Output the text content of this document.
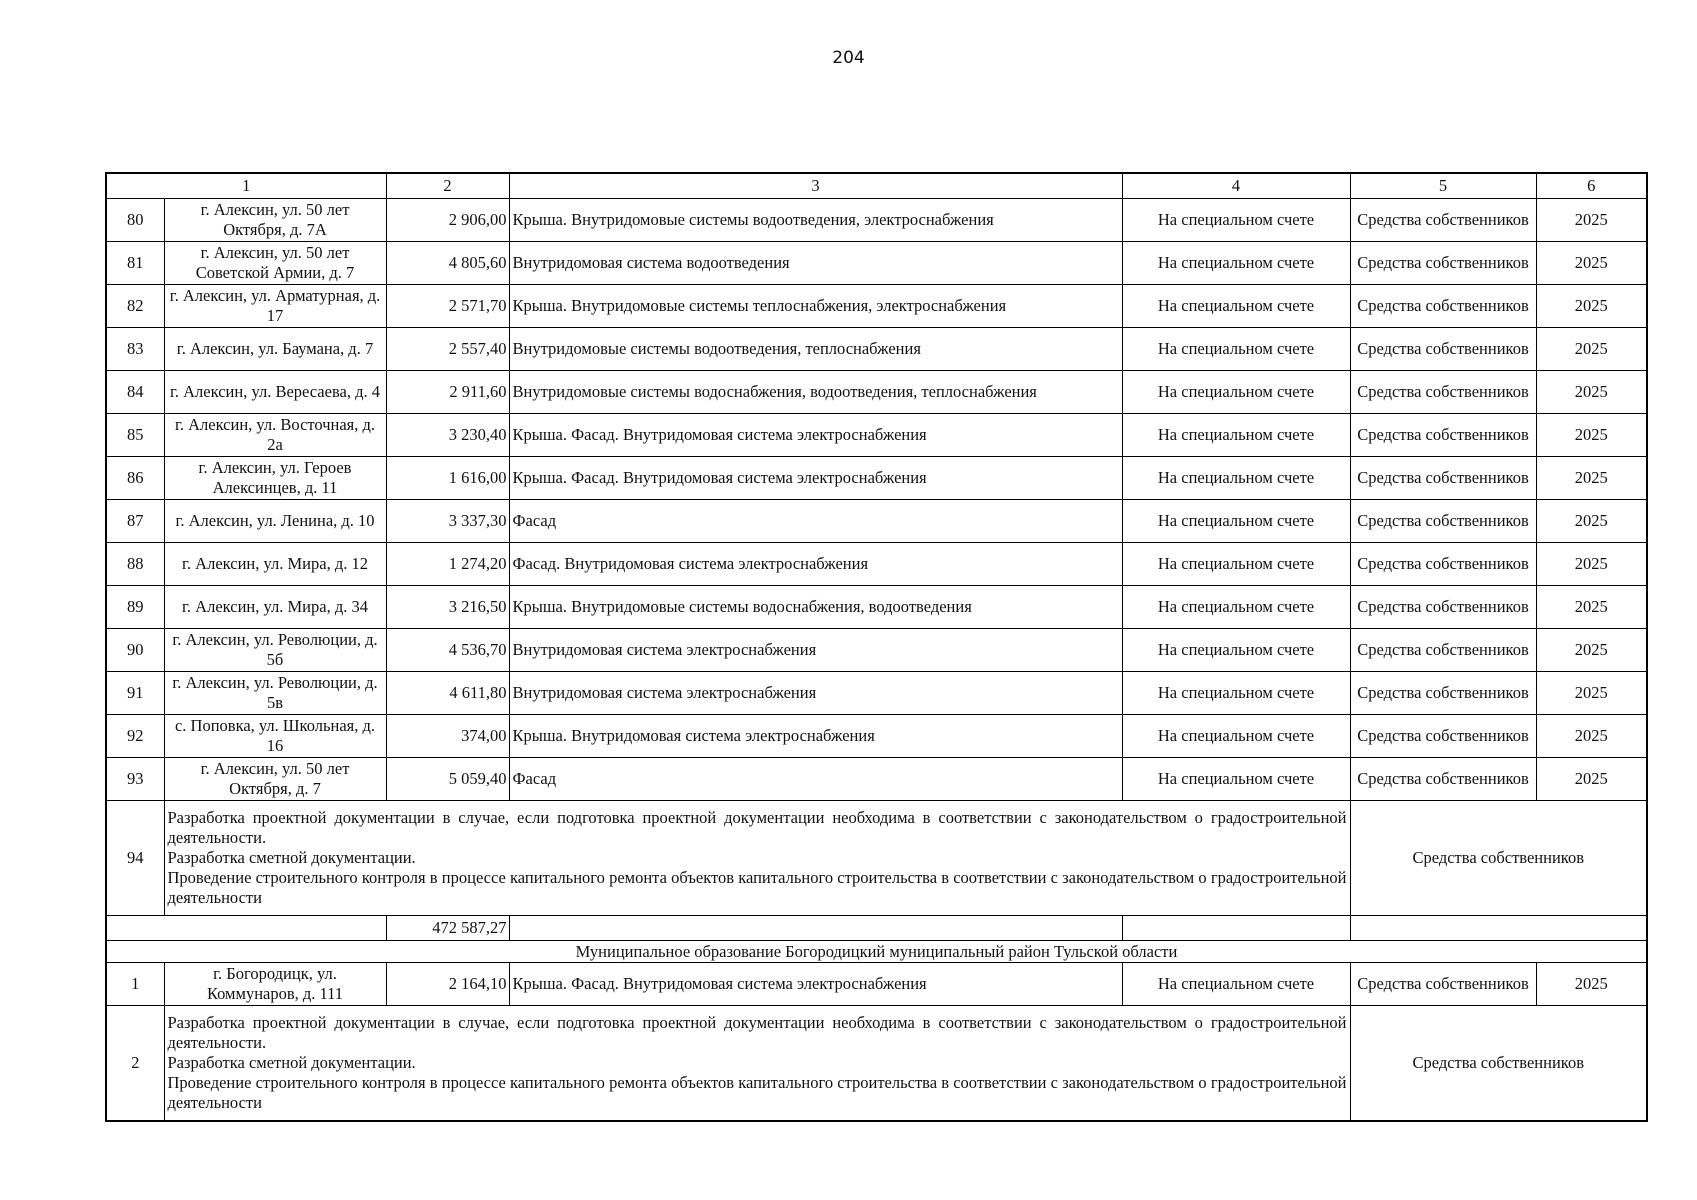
204
1		2	3	4	5	6
80	г. Алексин, ул. 50 лет Октября, д. 7А	2 906,00	Крыша. Внутридомовые системы водоотведения, электроснабжения	На специальном счете	Средства собственников	2025
81	г. Алексин, ул. 50 лет Советской Армии, д. 7	4 805,60	Внутридомовая система водоотведения	На специальном счете	Средства собственников	2025
82	г. Алексин, ул. Арматурная, д. 17	2 571,70	Крыша. Внутридомовые системы теплоснабжения, электроснабжения	На специальном счете	Средства собственников	2025
83	г. Алексин, ул. Баумана, д. 7	2 557,40	Внутридомовые системы водоотведения, теплоснабжения	На специальном счете	Средства собственников	2025
84	г. Алексин, ул. Вересаева, д. 4	2 911,60	Внутридомовые системы водоснабжения, водоотведения, теплоснабжения	На специальном счете	Средства собственников	2025
85	г. Алексин, ул. Восточная, д. 2а	3 230,40	Крыша. Фасад. Внутридомовая система электроснабжения	На специальном счете	Средства собственников	2025
86	г. Алексин, ул. Героев Алексинцев, д. 11	1 616,00	Крыша. Фасад. Внутридомовая система электроснабжения	На специальном счете	Средства собственников	2025
87	г. Алексин, ул. Ленина, д. 10	3 337,30	Фасад	На специальном счете	Средства собственников	2025
88	г. Алексин, ул. Мира, д. 12	1 274,20	Фасад. Внутридомовая система электроснабжения	На специальном счете	Средства собственников	2025
89	г. Алексин, ул. Мира, д. 34	3 216,50	Крыша. Внутридомовые системы водоснабжения, водоотведения	На специальном счете	Средства собственников	2025
90	г. Алексин, ул. Революции, д. 5б	4 536,70	Внутридомовая система электроснабжения	На специальном счете	Средства собственников	2025
91	г. Алексин, ул. Революции, д. 5в	4 611,80	Внутридомовая система электроснабжения	На специальном счете	Средства собственников	2025
92	с. Поповка, ул. Школьная, д. 16	374,00	Крыша. Внутридомовая система электроснабжения	На специальном счете	Средства собственников	2025
93	г. Алексин, ул. 50 лет Октября, д. 7	5 059,40	Фасад	На специальном счете	Средства собственников	2025
94	Разработка проектной документации в случае, если подготовка проектной документации необходима в соответствии с законодательством о градостроительной деятельности.
Разработка сметной документации.
Проведение строительного контроля в процессе капитального ремонта объектов капитального строительства в соответствии с законодательством о градостроительной деятельности				Средства собственников	
		472 587,27				
Муниципальное образование Богородицкий муниципальный район Тульской области						
1	г. Богородицк, ул. Коммунаров, д. 111	2 164,10	Крыша. Фасад. Внутридомовая система электроснабжения	На специальном счете	Средства собственников	2025
2	Разработка проектной документации в случае, если подготовка проектной документации необходима в соответствии с законодательством о градостроительной деятельности.
Разработка сметной документации.
Проведение строительного контроля в процессе капитального ремонта объектов капитального строительства в соответствии с законодательством о градостроительной деятельности				Средства собственников	
